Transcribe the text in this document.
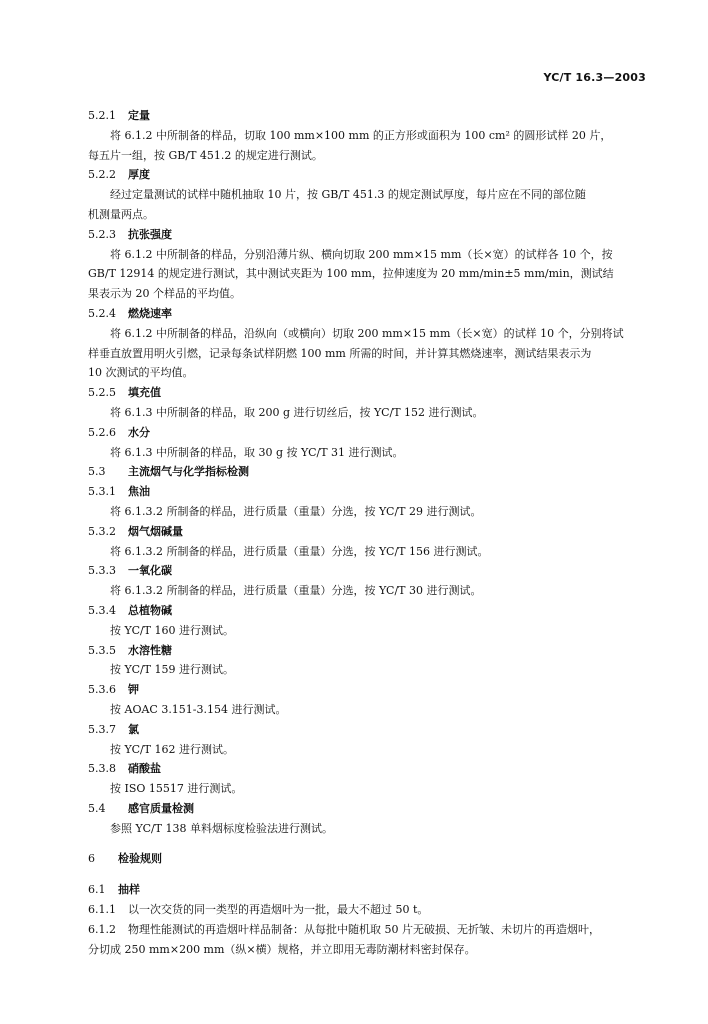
YC/T 16.3—2003
5.2.1 定量
将 6.1.2 中所制备的样品，切取 100 mm×100 mm 的正方形或面积为 100 cm² 的圆形试样 20 片，
每五片一组，按 GB/T 451.2 的规定进行测试。
5.2.2 厚度
经过定量测试的试样中随机抽取 10 片，按 GB/T 451.3 的规定测试厚度，每片应在不同的部位随
机测量两点。
5.2.3 抗张强度
将 6.1.2 中所制备的样品，分别沿薄片纵、横向切取 200 mm×15 mm（长×宽）的试样各 10 个，按
GB/T 12914 的规定进行测试，其中测试夹距为 100 mm，拉伸速度为 20 mm/min±5 mm/min，测试结
果表示为 20 个样品的平均值。
5.2.4 燃烧速率
将 6.1.2 中所制备的样品，沿纵向（或横向）切取 200 mm×15 mm（长×宽）的试样 10 个，分别将试
样垂直放置用明火引燃，记录每条试样阴燃 100 mm 所需的时间，并计算其燃烧速率，测试结果表示为
10 次测试的平均值。
5.2.5 填充值
将 6.1.3 中所制备的样品，取 200 g 进行切丝后，按 YC/T 152 进行测试。
5.2.6 水分
将 6.1.3 中所制备的样品，取 30 g 按 YC/T 31 进行测试。
5.3 主流烟气与化学指标检测
5.3.1 焦油
将 6.1.3.2 所制备的样品，进行质量（重量）分选，按 YC/T 29 进行测试。
5.3.2 烟气烟碱量
将 6.1.3.2 所制备的样品，进行质量（重量）分选，按 YC/T 156 进行测试。
5.3.3 一氧化碳
将 6.1.3.2 所制备的样品，进行质量（重量）分选，按 YC/T 30 进行测试。
5.3.4 总植物碱
按 YC/T 160 进行测试。
5.3.5 水溶性糖
按 YC/T 159 进行测试。
5.3.6 钾
按 AOAC 3.151-3.154 进行测试。
5.3.7 氯
按 YC/T 162 进行测试。
5.3.8 硝酸盐
按 ISO 15517 进行测试。
5.4 感官质量检测
参照 YC/T 138 单料烟标度检验法进行测试。
6 检验规则
6.1 抽样
6.1.1 以一次交货的同一类型的再造烟叶为一批，最大不超过 50 t。
6.1.2 物理性能测试的再造烟叶样品制备：从每批中随机取 50 片无破损、无折皱、未切片的再造烟叶，
分切成 250 mm×200 mm（纵×横）规格，并立即用无毒防潮材料密封保存。
